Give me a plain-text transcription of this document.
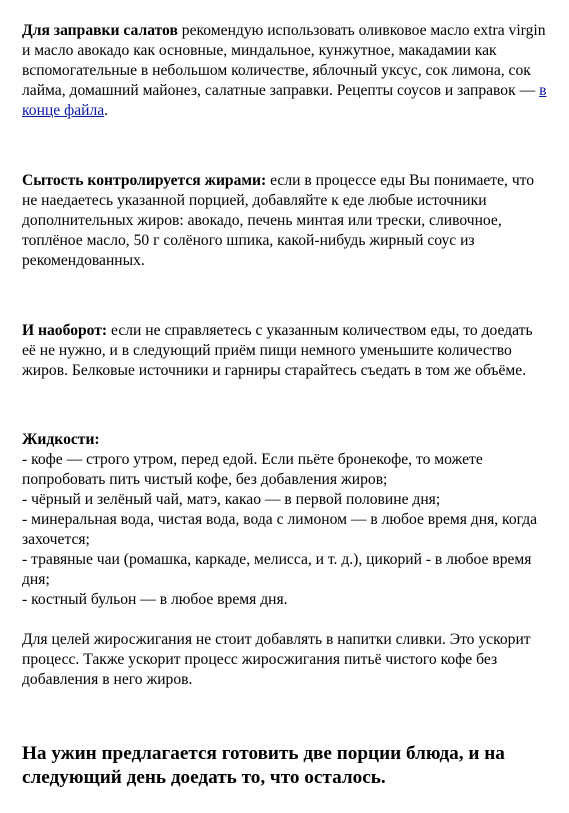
Для заправки салатов рекомендую использовать оливковое масло extra virgin и масло авокадо как основные, миндальное, кунжутное, макадамии как вспомогательные в небольшом количестве, яблочный уксус, сок лимона, сок лайма, домашний майонез, салатные заправки. Рецепты соусов и заправок — в конце файла.

Сытость контролируется жирами: если в процессе еды Вы понимаете, что не наедаетесь указанной порцией, добавляйте к еде любые источники дополнительных жиров: авокадо, печень минтая или трески, сливочное, топлёное масло, 50 г солёного шпика, какой-нибудь жирный соус из рекомендованных.

И наоборот: если не справляетесь с указанным количеством еды, то доедать её не нужно, и в следующий приём пищи немного уменьшите количество жиров. Белковые источники и гарниры старайтесь съедать в том же объёме.

Жидкости:
- кофе — строго утром, перед едой. Если пьёте бронекофе, то можете попробовать пить чистый кофе, без добавления жиров;
- чёрный и зелёный чай, матэ, какао — в первой половине дня;
- минеральная вода, чистая вода, вода с лимоном — в любое время дня, когда захочется;
- травяные чаи (ромашка, каркаде, мелисса, и т. д.), цикорий - в любое время дня;
- костный бульон — в любое время дня.

Для целей жиросжигания не стоит добавлять в напитки сливки. Это ускорит процесс. Также ускорит процесс жиросжигания питьё чистого кофе без добавления в него жиров.

На ужин предлагается готовить две порции блюда, и на следующий день доедать то, что осталось.
